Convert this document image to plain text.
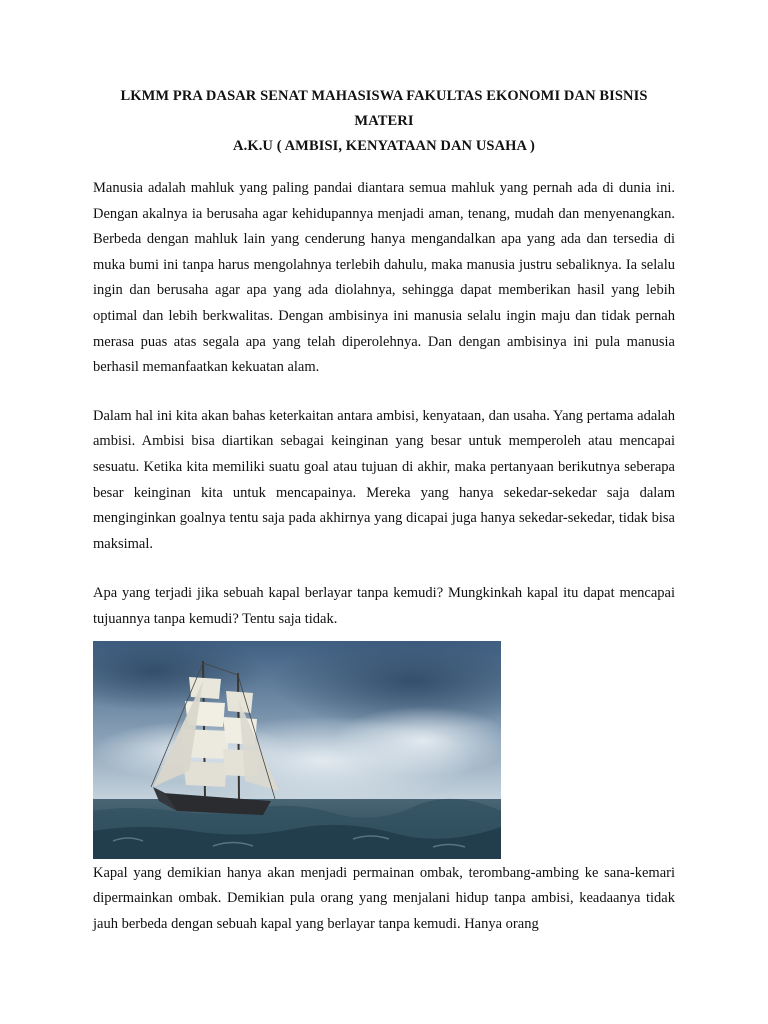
LKMM PRA DASAR SENAT MAHASISWA FAKULTAS EKONOMI DAN BISNIS
MATERI
A.K.U ( AMBISI, KENYATAAN DAN USAHA )

Manusia adalah mahluk yang paling pandai diantara semua mahluk yang pernah ada di dunia ini. Dengan akalnya ia berusaha agar kehidupannya menjadi aman, tenang, mudah dan menyenangkan. Berbeda dengan mahluk lain yang cenderung hanya mengandalkan apa yang ada dan tersedia di muka bumi ini tanpa harus mengolahnya terlebih dahulu, maka manusia justru sebaliknya. Ia selalu ingin dan berusaha agar apa yang ada diolahnya, sehingga dapat memberikan hasil yang lebih optimal dan lebih berkwalitas. Dengan ambisinya ini manusia selalu ingin maju dan tidak pernah merasa puas atas segala apa yang telah diperolehnya. Dan dengan ambisinya ini pula manusia berhasil memanfaatkan kekuatan alam.

Dalam hal ini kita akan bahas keterkaitan antara ambisi, kenyataan, dan usaha. Yang pertama adalah ambisi. Ambisi bisa diartikan sebagai keinginan yang besar untuk memperoleh atau mencapai sesuatu. Ketika kita memiliki suatu goal atau tujuan di akhir, maka pertanyaan berikutnya seberapa besar keinginan kita untuk mencapainya. Mereka yang hanya sekedar-sekedar saja dalam menginginkan goalnya tentu saja pada akhirnya yang dicapai juga hanya sekedar-sekedar, tidak bisa maksimal.

Apa yang terjadi jika sebuah kapal berlayar tanpa kemudi? Mungkinkah kapal itu dapat mencapai tujuannya tanpa kemudi? Tentu saja tidak.

Kapal yang demikian hanya akan menjadi permainan ombak, terombang-ambing ke sana-kemari dipermainkan ombak. Demikian pula orang yang menjalani hidup tanpa ambisi, keadaanya tidak jauh berbeda dengan sebuah kapal yang berlayar tanpa kemudi. Hanya orang
